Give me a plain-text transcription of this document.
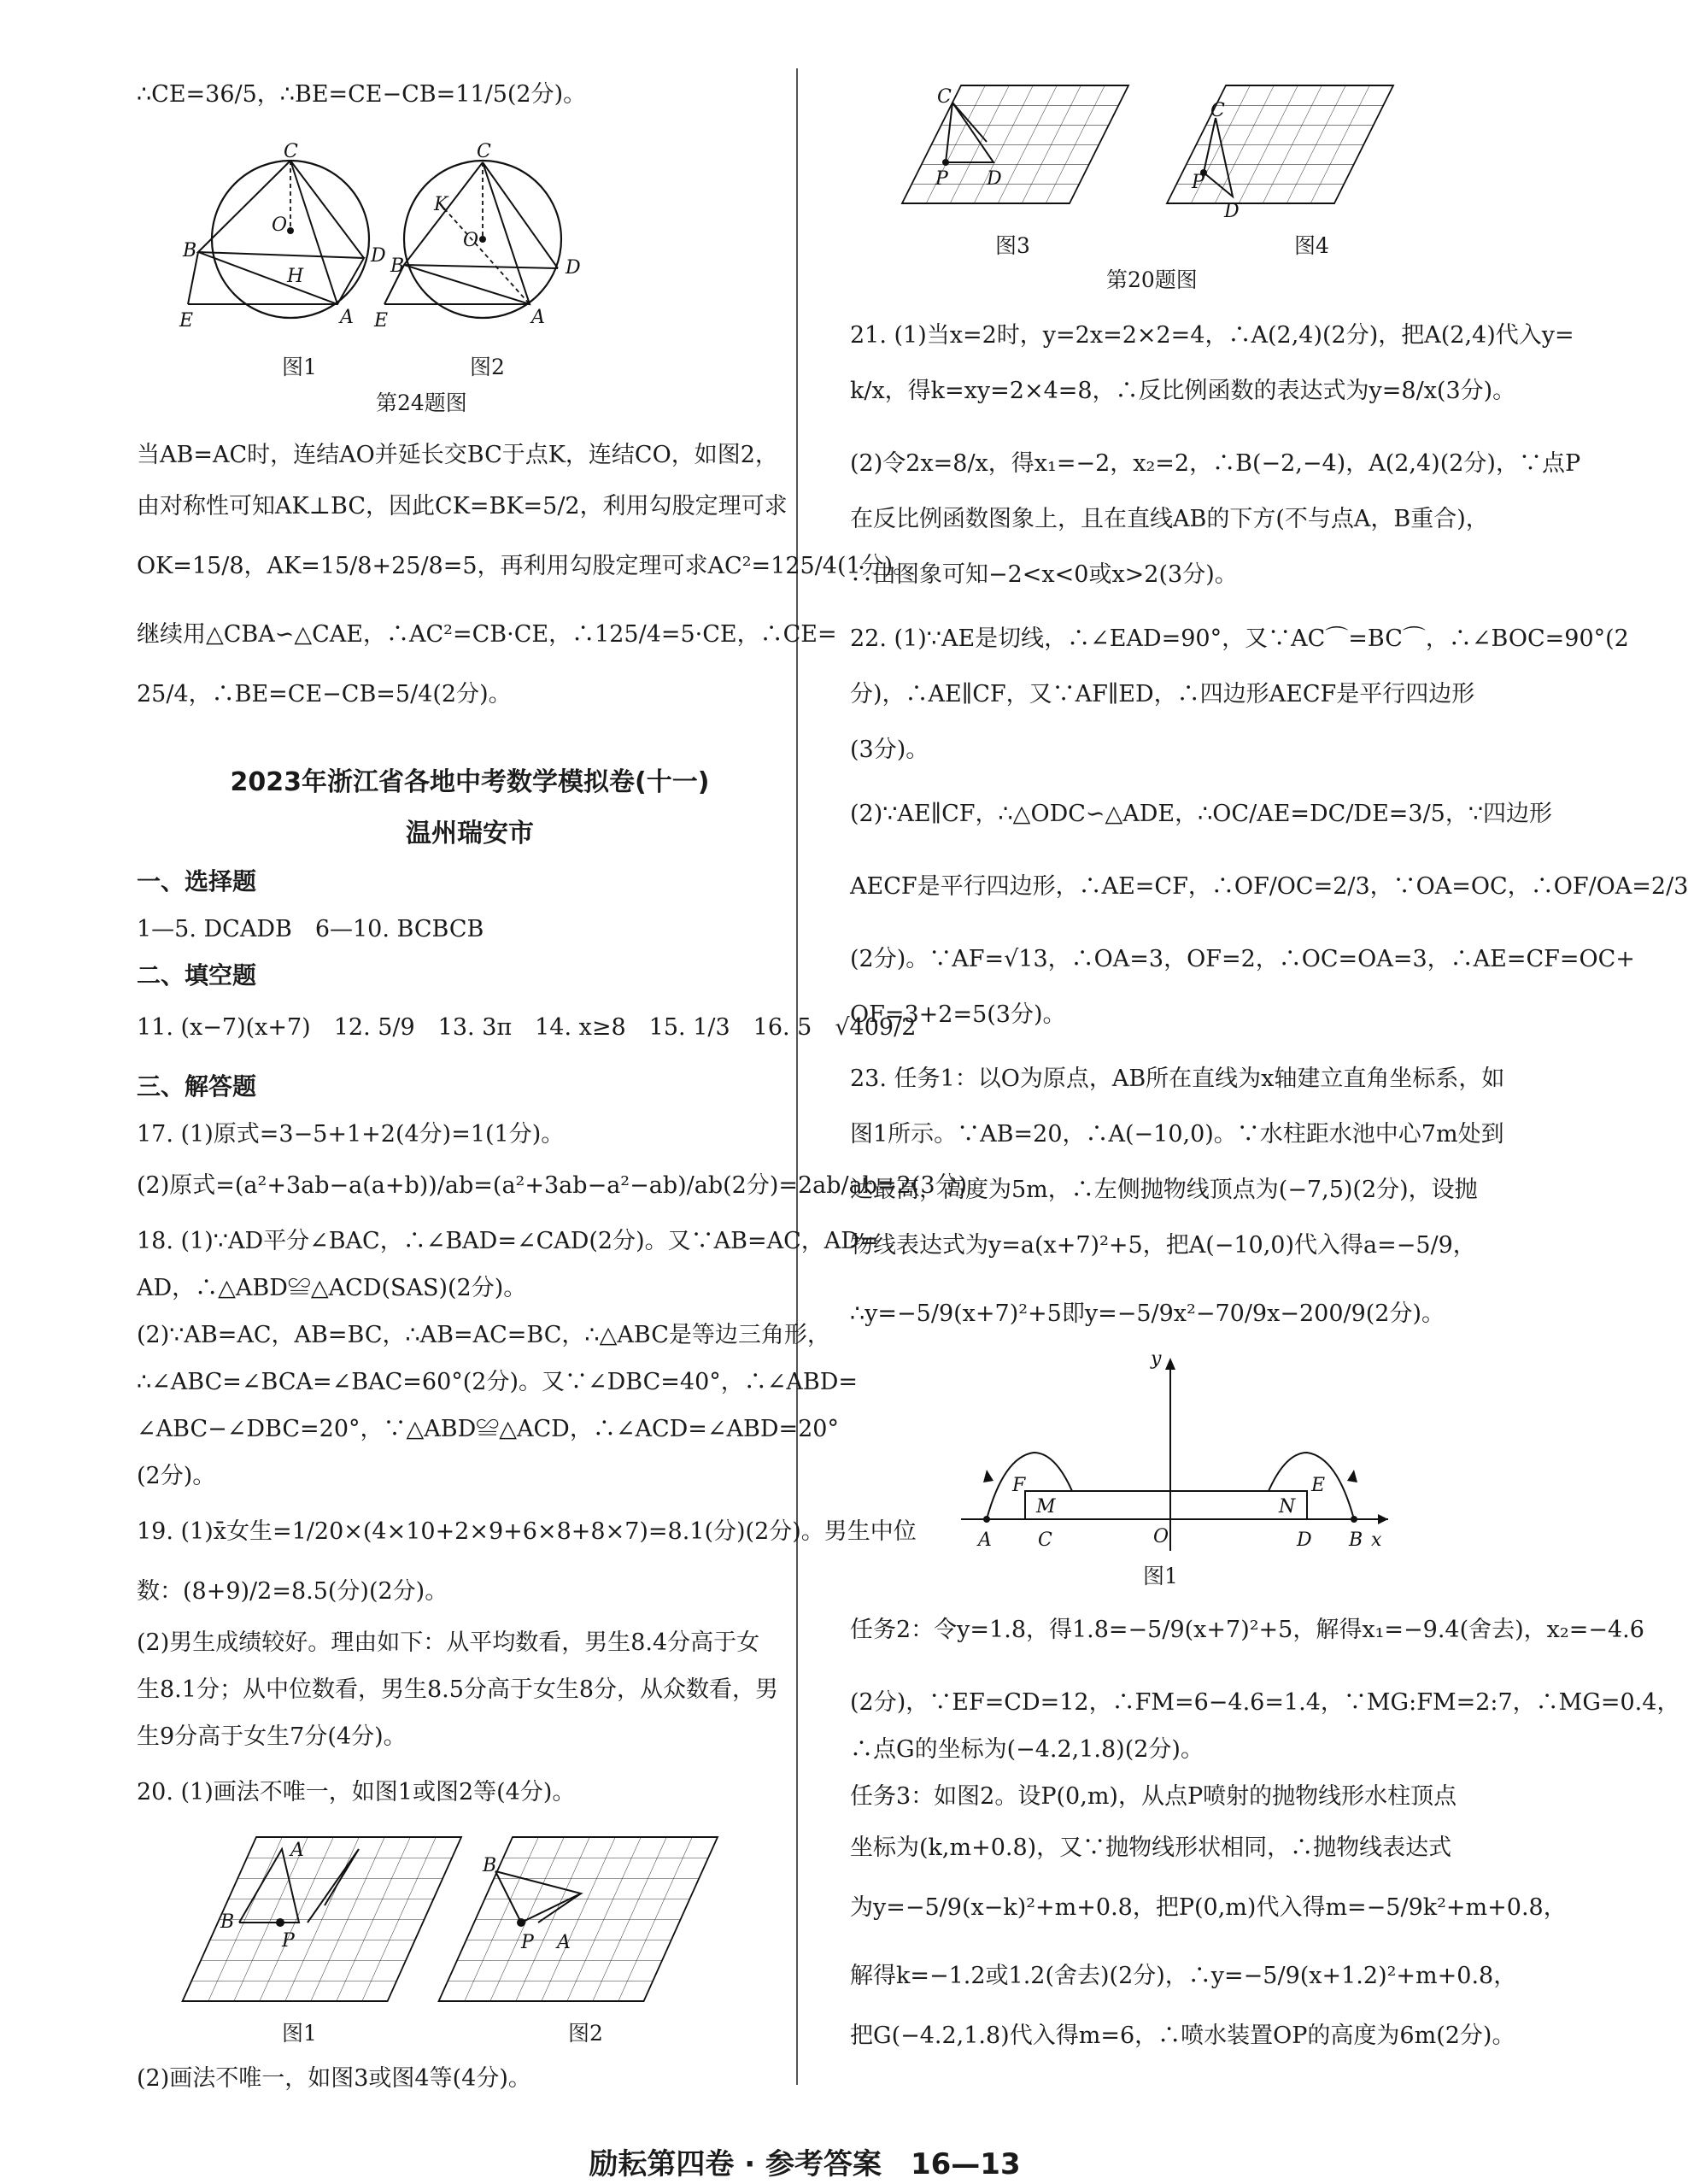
∴CE=36/5，∴BE=CE−CB=11/5(2分)。
C
O
B	D
H
A
E
C
K
O
B	D
A
E
图1	图2
第24题图
当AB=AC时，连结AO并延长交BC于点K，连结CO，如图2，
由对称性可知AK⊥BC，因此CK=BK=5/2，利用勾股定理可求
OK=15/8，AK=15/8+25/8=5，再利用勾股定理可求AC²=125/4(1分)。
继续用△CBA∽△CAE，∴AC²=CB·CE，∴125/4=5·CE，∴CE=
25/4，∴BE=CE−CB=5/4(2分)。
2023年浙江省各地中考数学模拟卷(十一)
温州瑞安市
一、选择题
1—5. DCADB　6—10. BCBCB
二、填空题
11. (x−7)(x+7)　12. 5/9　13. 3π　14. x≥8　15. 1/3　16. 5　√409/2
三、解答题
17. (1)原式=3−5+1+2(4分)=1(1分)。
(2)原式=(a²+3ab−a(a+b))/ab=(a²+3ab−a²−ab)/ab(2分)=2ab/ab=2(3分)。
18. (1)∵AD平分∠BAC，∴∠BAD=∠CAD(2分)。又∵AB=AC，AD=
AD，∴△ABD≌△ACD(SAS)(2分)。
(2)∵AB=AC，AB=BC，∴AB=AC=BC，∴△ABC是等边三角形，
∴∠ABC=∠BCA=∠BAC=60°(2分)。又∵∠DBC=40°，∴∠ABD=
∠ABC−∠DBC=20°，∵△ABD≌△ACD，∴∠ACD=∠ABD=20°
(2分)。
19. (1)x̄女生=1/20×(4×10+2×9+6×8+8×7)=8.1(分)(2分)。男生中位
数：(8+9)/2=8.5(分)(2分)。
(2)男生成绩较好。理由如下：从平均数看，男生8.4分高于女
生8.1分；从中位数看，男生8.5分高于女生8分，从众数看，男
生9分高于女生7分(4分)。
20. (1)画法不唯一，如图1或图2等(4分)。
A
B
P
B
P A
图1	图2
(2)画法不唯一，如图3或图4等(4分)。
C
P D
C
P
D
图3	图4
第20题图
21. (1)当x=2时，y=2x=2×2=4，∴A(2,4)(2分)，把A(2,4)代入y=
k/x，得k=xy=2×4=8，∴反比例函数的表达式为y=8/x(3分)。
(2)令2x=8/x，得x₁=−2，x₂=2，∴B(−2,−4)，A(2,4)(2分)，∵点P
在反比例函数图象上，且在直线AB的下方(不与点A，B重合)，
∴由图象可知−2<x<0或x>2(3分)。
22. (1)∵AE是切线，∴∠EAD=90°，又∵AC⌒=BC⌒，∴∠BOC=90°(2
分)，∴AE∥CF，又∵AF∥ED，∴四边形AECF是平行四边形
(3分)。
(2)∵AE∥CF，∴△ODC∽△ADE，∴OC/AE=DC/DE=3/5，∵四边形
AECF是平行四边形，∴AE=CF，∴OF/OC=2/3，∵OA=OC，∴OF/OA=2/3
(2分)。∵AF=√13，∴OA=3，OF=2，∴OC=OA=3，∴AE=CF=OC+
OF=3+2=5(3分)。
23. 任务1：以O为原点，AB所在直线为x轴建立直角坐标系，如
图1所示。∵AB=20，∴A(−10,0)。∵水柱距水池中心7m处到
达最高，高度为5m，∴左侧抛物线顶点为(−7,5)(2分)，设抛
物线表达式为y=a(x+7)²+5，把A(−10,0)代入得a=−5/9，
∴y=−5/9(x+7)²+5即y=−5/9x²−70/9x−200/9(2分)。
y
F
M	N
E
A C	O	D B x
图1
任务2：令y=1.8，得1.8=−5/9(x+7)²+5，解得x₁=−9.4(舍去)，x₂=−4.6
(2分)，∵EF=CD=12，∴FM=6−4.6=1.4，∵MG:FM=2:7，∴MG=0.4，
∴点G的坐标为(−4.2,1.8)(2分)。
任务3：如图2。设P(0,m)，从点P喷射的抛物线形水柱顶点
坐标为(k,m+0.8)，又∵抛物线形状相同，∴抛物线表达式
为y=−5/9(x−k)²+m+0.8，把P(0,m)代入得m=−5/9k²+m+0.8，
解得k=−1.2或1.2(舍去)(2分)，∴y=−5/9(x+1.2)²+m+0.8，
把G(−4.2,1.8)代入得m=6，∴喷水装置OP的高度为6m(2分)。
励耘第四卷 · 参考答案　16—13
